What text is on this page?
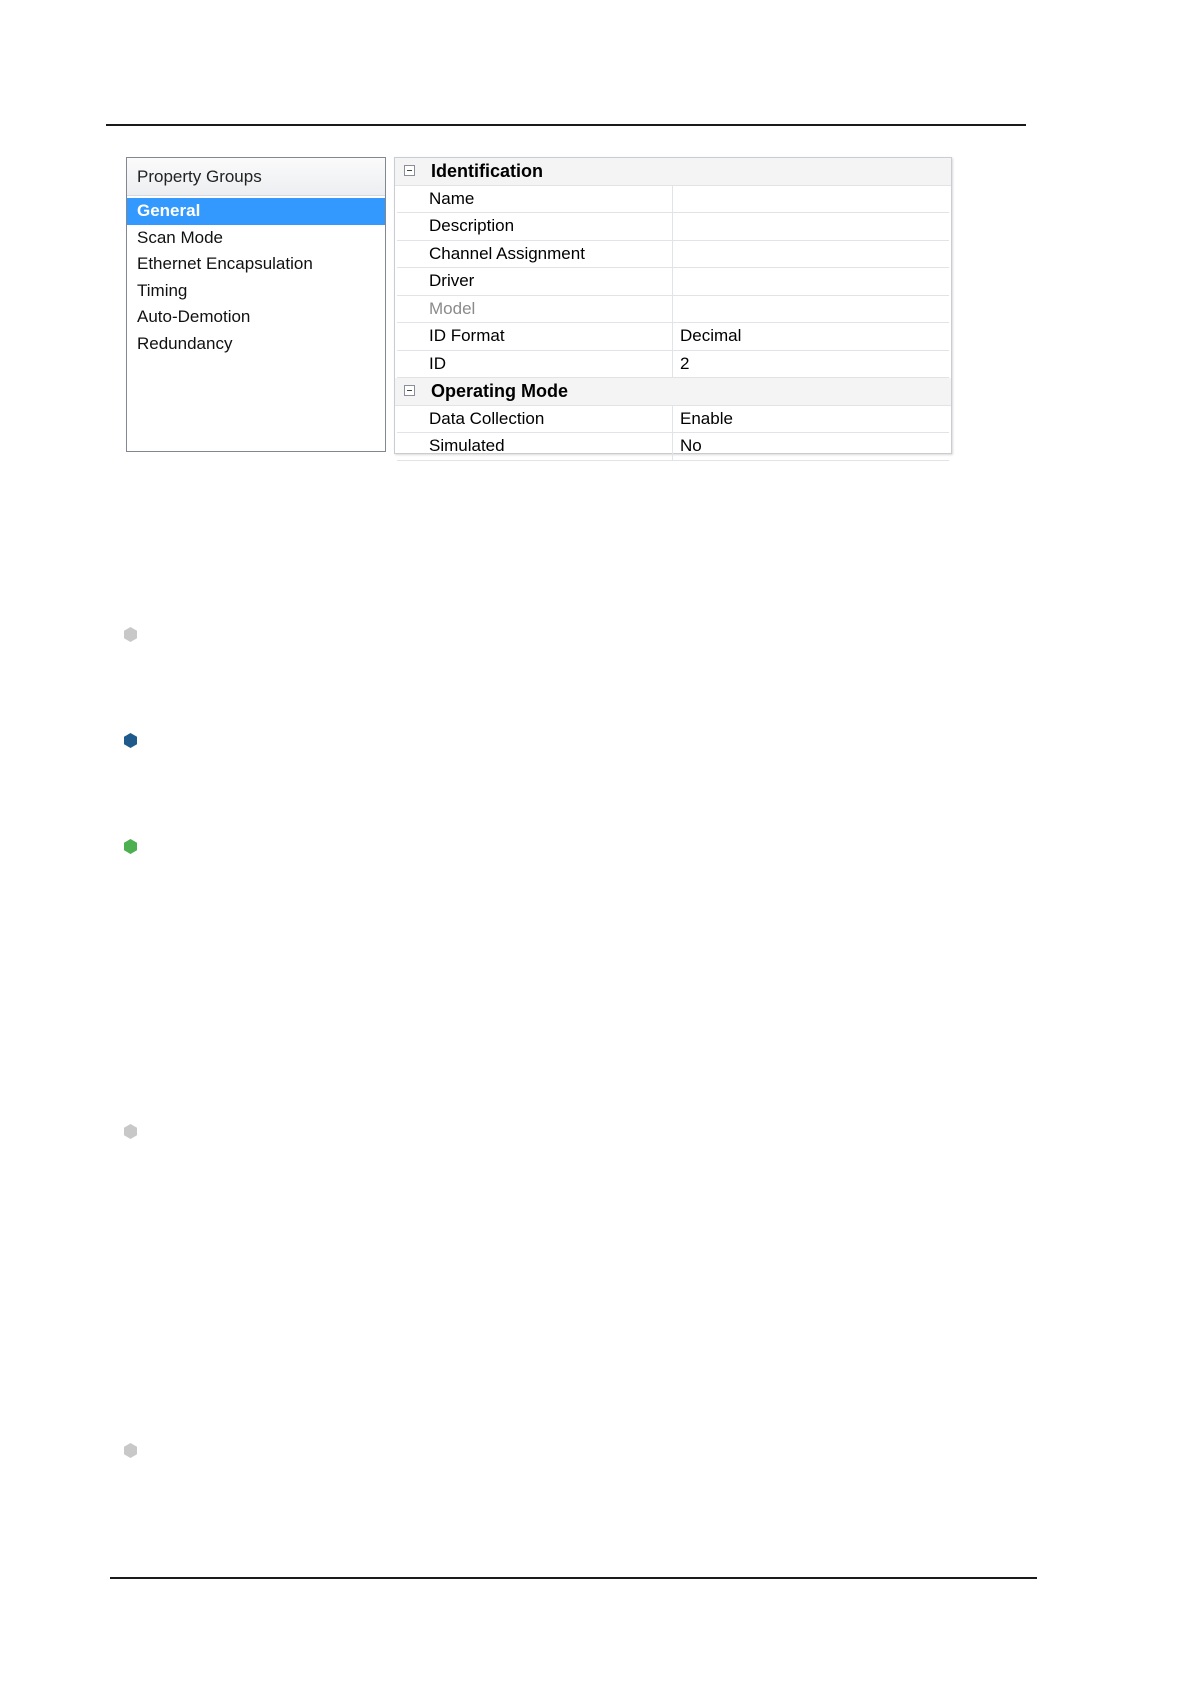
Property Groups
General
Scan Mode
Ethernet Encapsulation
Timing
Auto-Demotion
Redundancy
Identification
Name
Description
Channel Assignment
Driver
Model
ID Format	Decimal
ID	2
Operating Mode
Data Collection	Enable
Simulated	No
